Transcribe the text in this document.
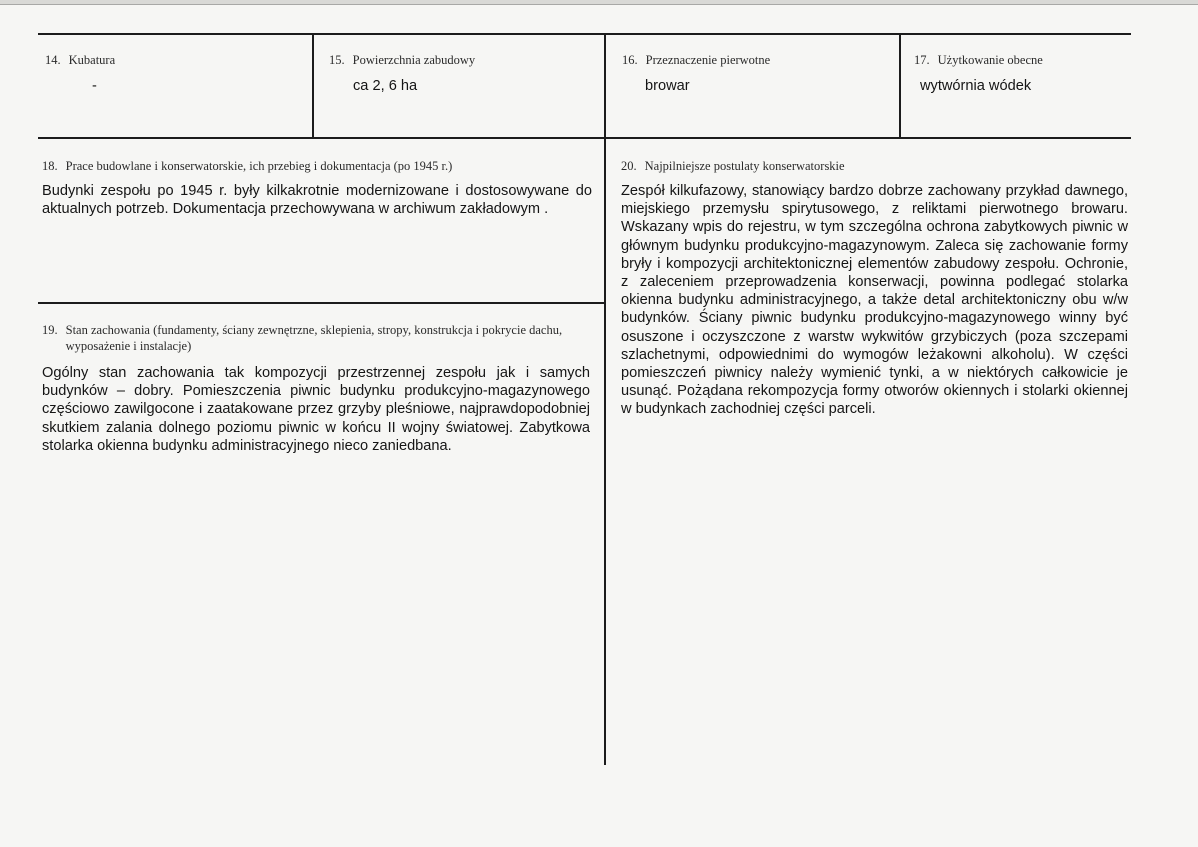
14. Kubatura
-
15. Powierzchnia zabudowy
ca 2, 6 ha
16. Przeznaczenie pierwotne
browar
17. Użytkowanie obecne
wytwórnia wódek
18. Prace budowlane i konserwatorskie, ich przebieg i dokumentacja (po 1945 r.)
Budynki zespołu po 1945 r. były kilkakrotnie modernizowane i dostosowywane do aktualnych potrzeb. Dokumentacja przechowywana w archiwum zakładowym .
19. Stan zachowania (fundamenty, ściany zewnętrzne, sklepienia, stropy, konstrukcja i pokrycie dachu, wyposażenie i instalacje)
Ogólny stan zachowania tak kompozycji przestrzennej zespołu jak i samych budynków – dobry. Pomieszczenia piwnic budynku produkcyjno-magazynowego częściowo zawilgocone i zaatakowane przez grzyby pleśniowe, najprawdopodobniej skutkiem zalania dolnego poziomu piwnic w końcu II wojny światowej. Zabytkowa stolarka okienna budynku administracyjnego nieco zaniedbana.
20. Najpilniejsze postulaty konserwatorskie
Zespół kilkufazowy, stanowiący bardzo dobrze zachowany przykład dawnego, miejskiego przemysłu spirytusowego, z reliktami pierwotnego browaru. Wskazany wpis do rejestru, w tym szczególna ochrona zabytkowych piwnic w głównym budynku produkcyjno-magazynowym. Zaleca się zachowanie formy bryły i kompozycji architektonicznej elementów zabudowy zespołu. Ochronie, z zaleceniem przeprowadzenia konserwacji, powinna podlegać stolarka okienna budynku administracyjnego, a także detal architektoniczny obu w/w budynków. Ściany piwnic budynku produkcyjno-magazynowego winny być osuszone i oczyszczone z warstw wykwitów grzybiczych (poza szczepami szlachetnymi, odpowiednimi do wymogów leżakowni alkoholu). W części pomieszczeń piwnicy należy wymienić tynki, a w niektórych całkowicie je usunąć. Pożądana rekompozycja formy otworów okiennych i stolarki okiennej w budynkach zachodniej części parceli.
